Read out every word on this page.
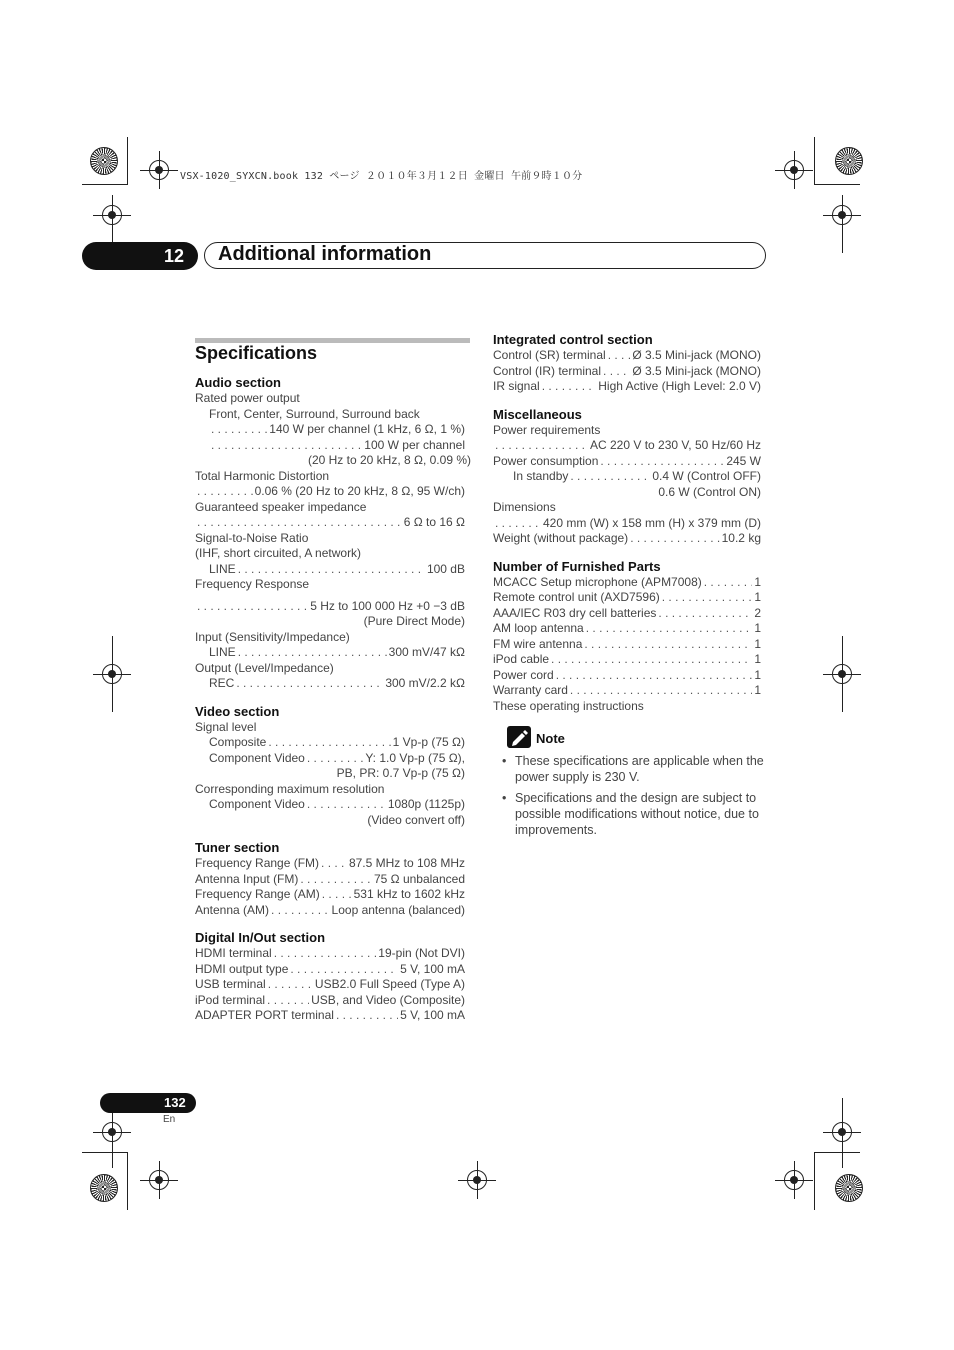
VSX-1020_SYXCN.book 132 ページ ２０１０年３月１２日 金曜日 午前９時１０分
12 Additional information
Specifications
Audio section
Rated power output
Front, Center, Surround, Surround back
. . .
140 W per channel (1 kHz, 6 Ω, 1 %)
. . .
100 W per channel
(20 Hz to 20 kHz, 8 Ω, 0.09 %)
Total Harmonic Distortion
. . .
0.06 % (20 Hz to 20 kHz, 8 Ω, 95 W/ch)
Guaranteed speaker impedance
. . .
6 Ω to 16 Ω
Signal-to-Noise Ratio
(IHF, short circuited, A network)
LINE . . .	100 dB
Frequency Response
. . .
5 Hz to 100 000 Hz +0 −3 dB
(Pure Direct Mode)
Input (Sensitivity/Impedance)
LINE . . .	300 mV/47 kΩ
Output (Level/Impedance)
REC . . .	300 mV/2.2 kΩ
Video section
Signal level
Composite . . .	1 Vp-p (75 Ω)
Component Video . . .	Y: 1.0 Vp-p (75 Ω),
PB, PR: 0.7 Vp-p (75 Ω)
Corresponding maximum resolution
Component Video . . .	1080p (1125p)
(Video convert off)
Tuner section
Frequency Range (FM) . . . 87.5 MHz to 108 MHz
Antenna Input (FM) . . .	75 Ω unbalanced
Frequency Range (AM) . . .	531 kHz to 1602 kHz
Antenna (AM) . . .	Loop antenna (balanced)
Digital In/Out section
HDMI terminal . . .	19-pin (Not DVI)
HDMI output type . . .	5 V, 100 mA
USB terminal . . .	USB2.0 Full Speed (Type A)
iPod terminal . . .	USB, and Video (Composite)
ADAPTER PORT terminal . . .	5 V, 100 mA
Integrated control section
Control (SR) terminal . . . Ø 3.5 Mini-jack (MONO)
Control (IR) terminal . . .	Ø 3.5 Mini-jack (MONO)
IR signal . . .	High Active (High Level: 2.0 V)
Miscellaneous
Power requirements
. . .
AC 220 V to 230 V, 50 Hz/60 Hz
Power consumption . . .	245 W
In standby . . .	0.4 W (Control OFF)
0.6 W (Control ON)
Dimensions
. . .
420 mm (W) x 158 mm (H) x 379 mm (D)
Weight (without package) . . .	10.2 kg
Number of Furnished Parts
MCACC Setup microphone (APM7008) . . .	1
Remote control unit (AXD7596) . . .	1
AAA/IEC R03 dry cell batteries . . .	2
AM loop antenna . . .	1
FM wire antenna . . .	1
iPod cable . . .	1
Power cord . . .	1
Warranty card . . .	1
These operating instructions
Note
• These specifications are applicable when the power supply is 230 V.
• Specifications and the design are subject to possible modifications without notice, due to improvements.
132
En
